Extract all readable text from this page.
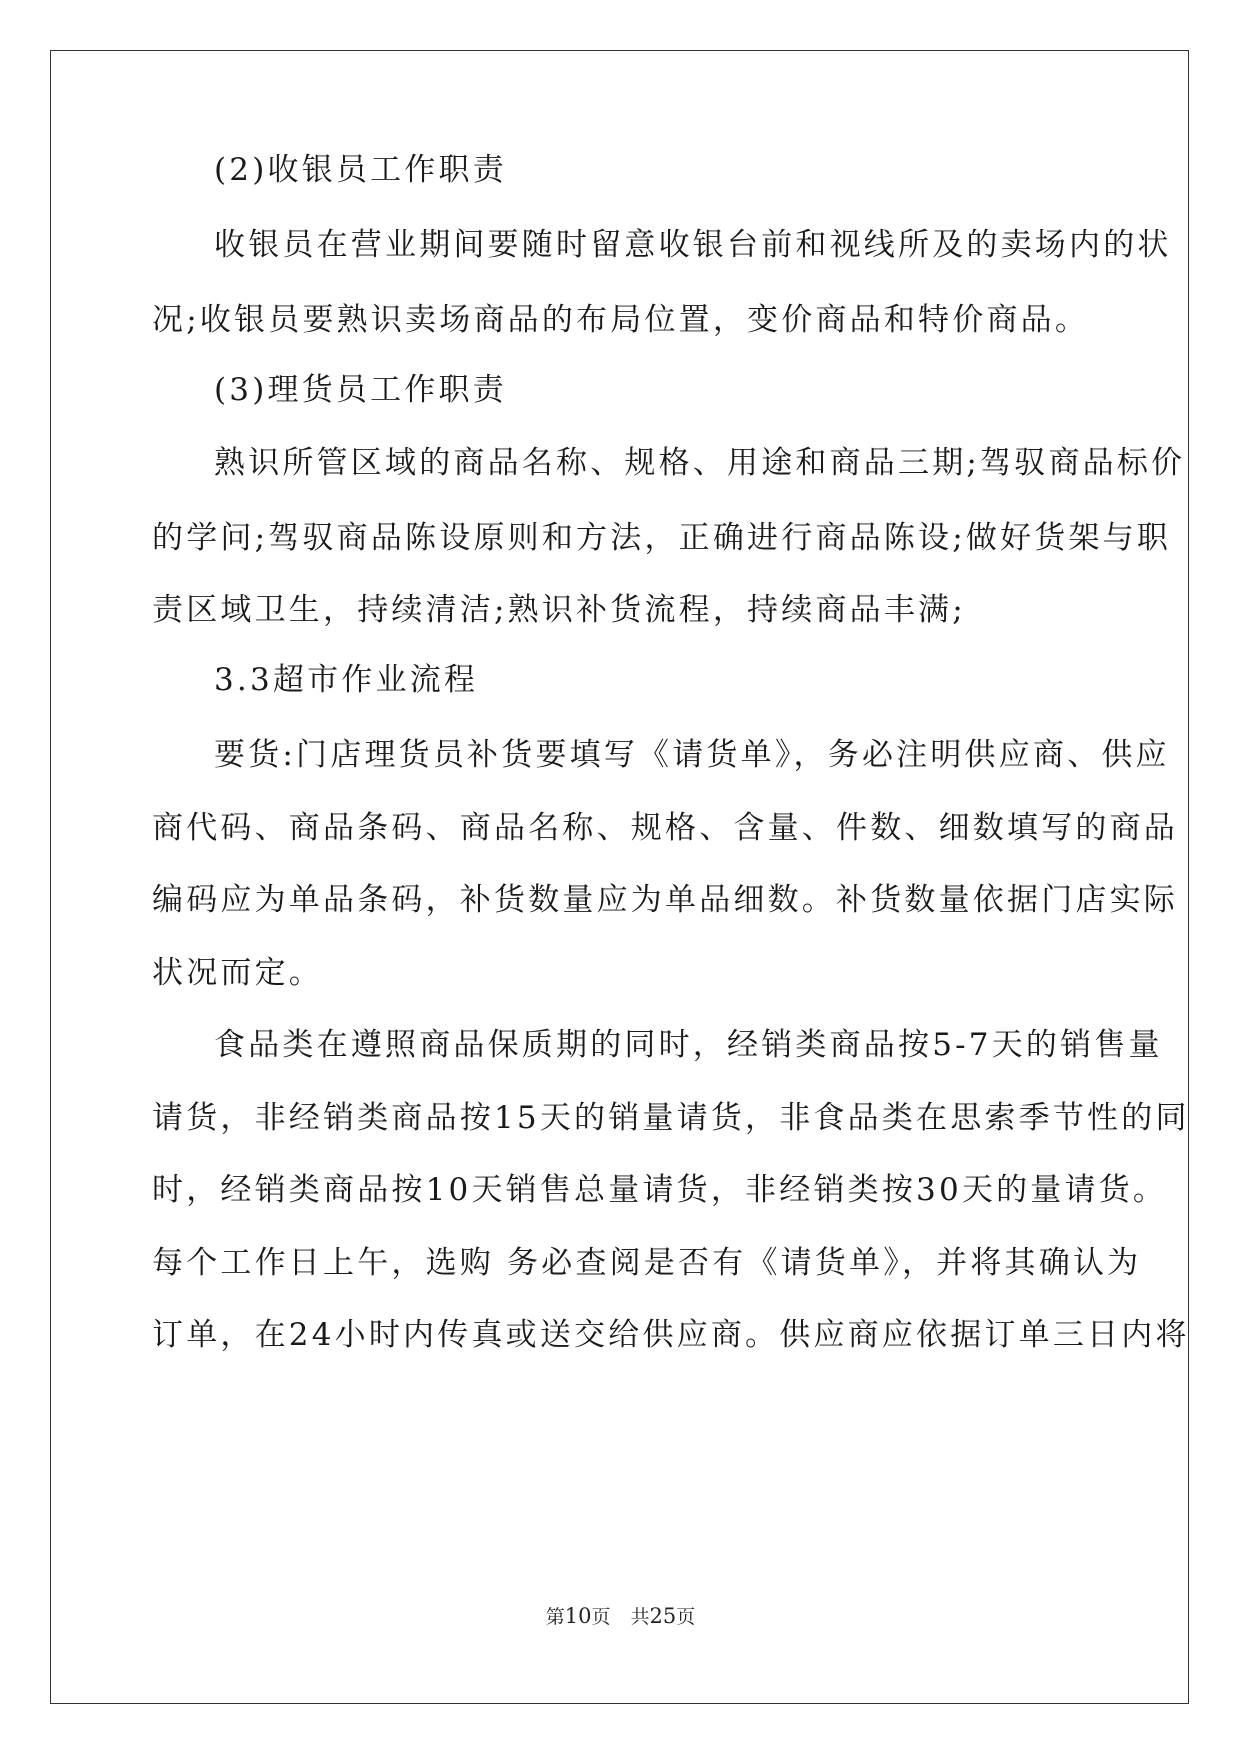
(2)收银员工作职责
收银员在营业期间要随时留意收银台前和视线所及的卖场内的状
况;收银员要熟识卖场商品的布局位置，变价商品和特价商品。
(3)理货员工作职责
熟识所管区域的商品名称、规格、用途和商品三期;驾驭商品标价
的学问;驾驭商品陈设原则和方法，正确进行商品陈设;做好货架与职
责区域卫生，持续清洁;熟识补货流程，持续商品丰满;
3.3超市作业流程
要货:门店理货员补货要填写《请货单》，务必注明供应商、供应
商代码、商品条码、商品名称、规格、含量、件数、细数填写的商品
编码应为单品条码，补货数量应为单品细数。补货数量依据门店实际
状况而定。
食品类在遵照商品保质期的同时，经销类商品按5-7天的销售量
请货，非经销类商品按15天的销量请货，非食品类在思索季节性的同
时，经销类商品按10天销售总量请货，非经销类按30天的量请货。
每个工作日上午，选购 务必查阅是否有《请货单》，并将其确认为
订单，在24小时内传真或送交给供应商。供应商应依据订单三日内将
第10页 共25页
